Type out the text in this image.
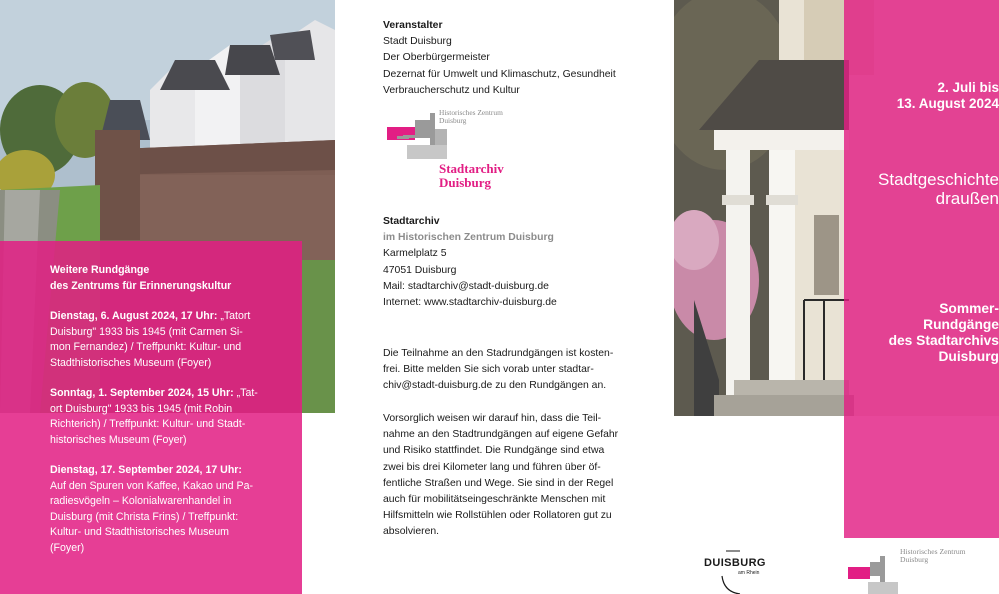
Weitere Rundgänge
des Zentrums für Erinnerungskultur
Dienstag, 6. August 2024, 17 Uhr: „Tatort
Duisburg" 1933 bis 1945 (mit Carmen Si-
mon Fernandez) / Treffpunkt: Kultur- und
Stadthistorisches Museum (Foyer)
Sonntag, 1. September 2024, 15 Uhr: „Tat-
ort Duisburg" 1933 bis 1945 (mit Robin
Richterich) / Treffpunkt: Kultur- und Stadt-
historisches Museum (Foyer)
Dienstag, 17. September 2024, 17 Uhr:
Auf den Spuren von Kaffee, Kakao und Pa-
radiesvögeln – Kolonialwarenhandel in
Duisburg (mit Christa Frins) / Treffpunkt:
Kultur- und Stadthistorisches Museum
(Foyer)
Veranstalter
Stadt Duisburg
Der Oberbürgermeister
Dezernat für Umwelt und Klimaschutz, Gesundheit
Verbraucherschutz und Kultur
Historisches Zentrum
Duisburg
Stadtarchiv
Duisburg
Stadtarchiv
im Historischen Zentrum Duisburg
Karmelplatz 5
47051 Duisburg
Mail: stadtarchiv@stadt-duisburg.de
Internet: www.stadtarchiv-duisburg.de
Die Teilnahme an den Stadrundgängen ist kosten-
frei. Bitte melden Sie sich vorab unter stadtar-
chiv@stadt-duisburg.de zu den Rundgängen an.
Vorsorglich weisen wir darauf hin, dass die Teil-
nahme an den Stadtrundgängen auf eigene Gefahr
und Risiko stattfindet. Die Rundgänge sind etwa
zwei bis drei Kilometer lang und führen über öf-
fentliche Straßen und Wege. Sie sind in der Regel
auch für mobilitätseingeschränkte Menschen mit
Hilfsmitteln wie Rollstühlen oder Rollatoren gut zu
absolvieren.
2. Juli bis
13. August 2024
Stadtgeschichte
draußen
Sommer-
Rundgänge
des Stadtarchivs
Duisburg
DUISBURG
am Rhein
Historisches Zentrum
Duisburg
